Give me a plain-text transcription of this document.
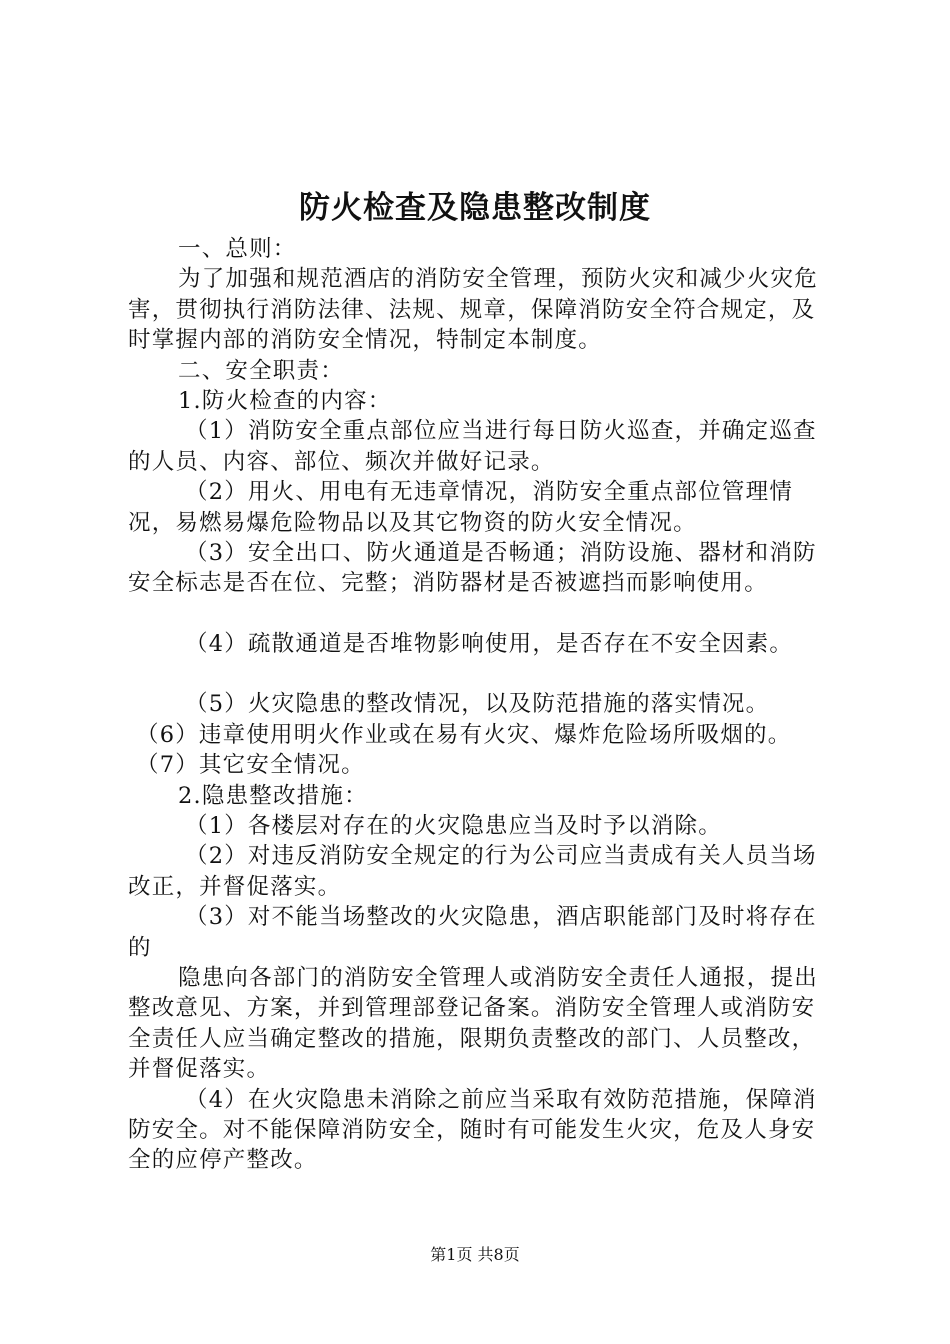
防火检查及隐患整改制度

一、总则：

为了加强和规范酒店的消防安全管理，预防火灾和减少火灾危害，贯彻执行消防法律、法规、规章，保障消防安全符合规定，及时掌握内部的消防安全情况，特制定本制度。

二、安全职责：

1.防火检查的内容：

（1）消防安全重点部位应当进行每日防火巡查，并确定巡查的人员、内容、部位、频次并做好记录。

（2）用火、用电有无违章情况，消防安全重点部位管理情况，易燃易爆危险物品以及其它物资的防火安全情况。

（3）安全出口、防火通道是否畅通；消防设施、器材和消防安全标志是否在位、完整；消防器材是否被遮挡而影响使用。

（4）疏散通道是否堆物影响使用，是否存在不安全因素。

（5）火灾隐患的整改情况，以及防范措施的落实情况。

（6）违章使用明火作业或在易有火灾、爆炸危险场所吸烟的。

（7）其它安全情况。

2.隐患整改措施：

（1）各楼层对存在的火灾隐患应当及时予以消除。

（2）对违反消防安全规定的行为公司应当责成有关人员当场改正，并督促落实。

（3）对不能当场整改的火灾隐患，酒店职能部门及时将存在的

隐患向各部门的消防安全管理人或消防安全责任人通报，提出整改意见、方案，并到管理部登记备案。消防安全管理人或消防安全责任人应当确定整改的措施，限期负责整改的部门、人员整改，并督促落实。

（4）在火灾隐患未消除之前应当采取有效防范措施，保障消防安全。对不能保障消防安全，随时有可能发生火灾，危及人身安全的应停产整改。

第1页 共8页
